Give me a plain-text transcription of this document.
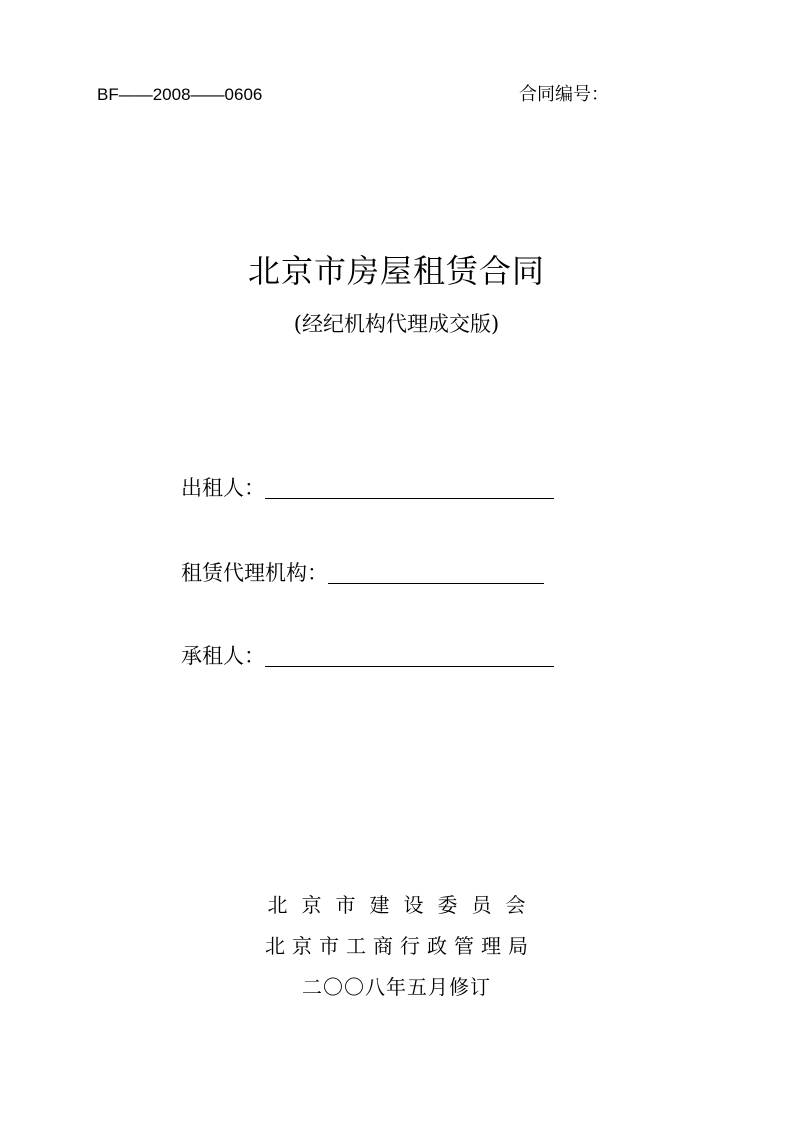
BF——2008——0606	合同编号：
北京市房屋租赁合同
(经纪机构代理成交版)
出租人：
租赁代理机构：
承租人：
北京市建设委员会
北京市工商行政管理局
二〇〇八年五月修订
